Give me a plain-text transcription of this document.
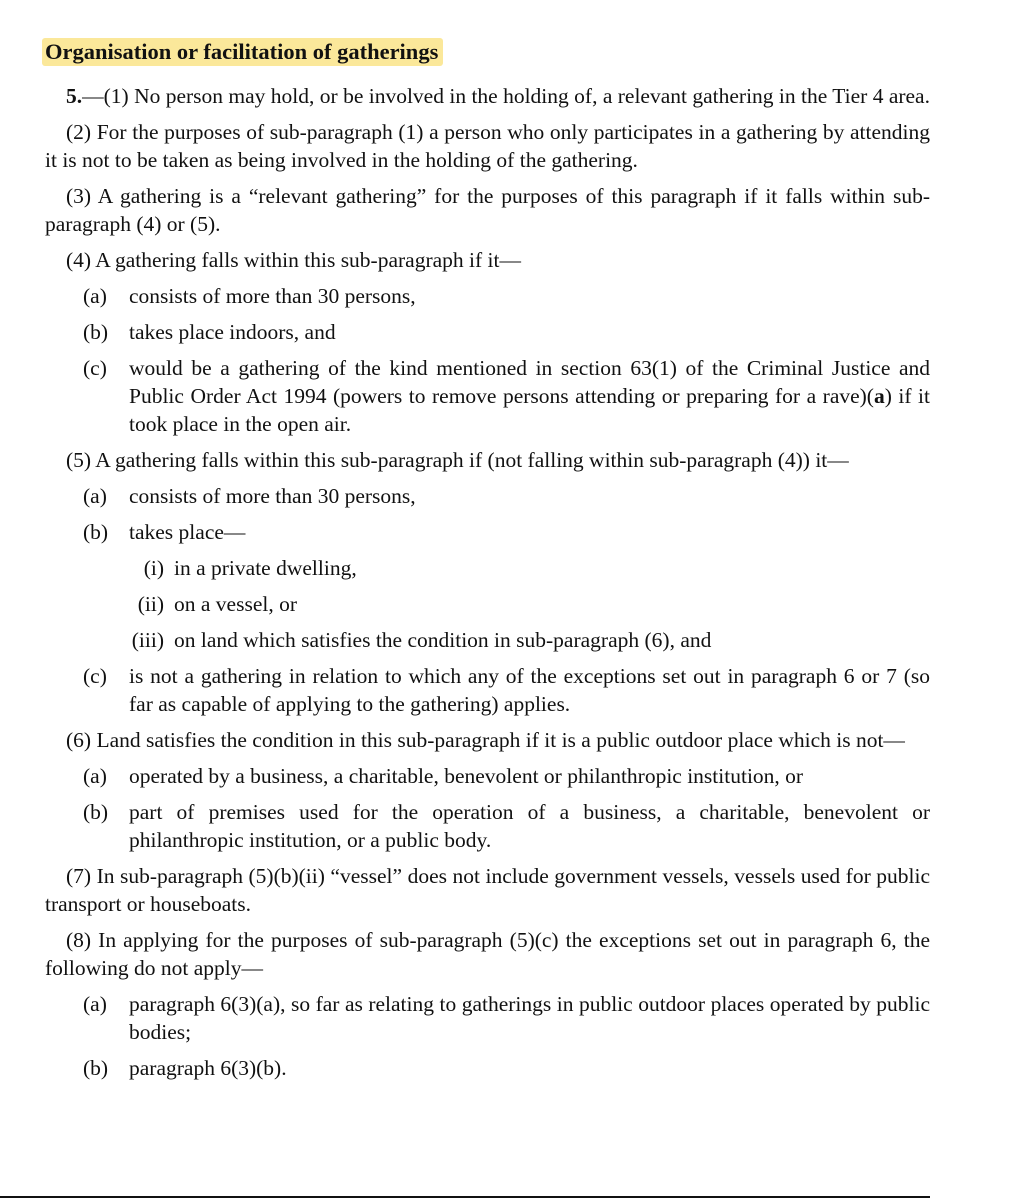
Organisation or facilitation of gatherings

5.—(1) No person may hold, or be involved in the holding of, a relevant gathering in the Tier 4 area.

(2) For the purposes of sub-paragraph (1) a person who only participates in a gathering by attending it is not to be taken as being involved in the holding of the gathering.

(3) A gathering is a “relevant gathering” for the purposes of this paragraph if it falls within sub-paragraph (4) or (5).

(4) A gathering falls within this sub-paragraph if it—

(a)	consists of more than 30 persons,
(b) takes place indoors, and
(c)	would be a gathering of the kind mentioned in section 63(1) of the Criminal Justice and Public Order Act 1994 (powers to remove persons attending or preparing for a rave)(a) if it took place in the open air.

(5) A gathering falls within this sub-paragraph if (not falling within sub-paragraph (4)) it—

(a)	consists of more than 30 persons,
(b) takes place—
(i) in a private dwelling,
(ii) on a vessel, or
(iii) on land which satisfies the condition in sub-paragraph (6), and
(c)	is not a gathering in relation to which any of the exceptions set out in paragraph 6 or 7 (so far as capable of applying to the gathering) applies.

(6) Land satisfies the condition in this sub-paragraph if it is a public outdoor place which is not—

(a)	operated by a business, a charitable, benevolent or philanthropic institution, or
(b) part of premises used for the operation of a business, a charitable, benevolent or philanthropic institution, or a public body.

(7) In sub-paragraph (5)(b)(ii) “vessel” does not include government vessels, vessels used for public transport or houseboats.

(8) In applying for the purposes of sub-paragraph (5)(c) the exceptions set out in paragraph 6, the following do not apply—

(a)	paragraph 6(3)(a), so far as relating to gatherings in public outdoor places operated by public bodies;
(b) paragraph 6(3)(b).
